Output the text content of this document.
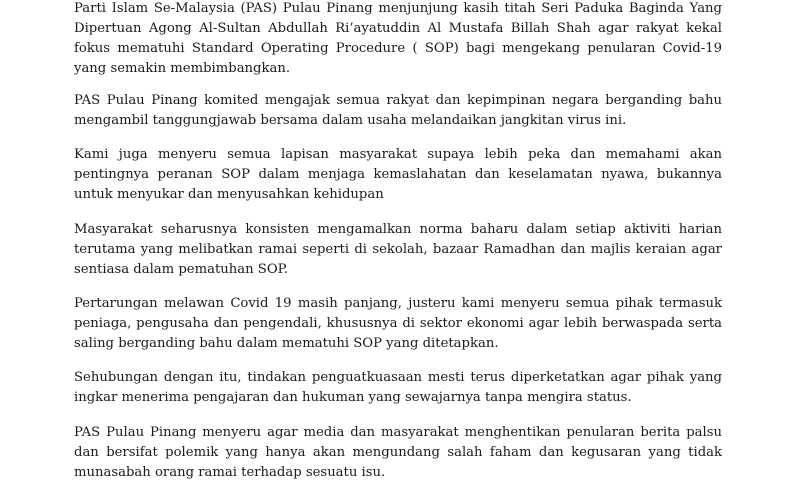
Parti Islam Se-Malaysia (PAS) Pulau Pinang menjunjung kasih titah Seri Paduka Baginda Yang
Dipertuan Agong Al-Sultan Abdullah Ri’ayatuddin Al Mustafa Billah Shah agar rakyat kekal
fokus mematuhi Standard Operating Procedure ( SOP) bagi mengekang penularan Covid-19
yang semakin membimbangkan.
PAS Pulau Pinang komited mengajak semua rakyat dan kepimpinan negara berganding bahu
mengambil tanggungjawab bersama dalam usaha melandaikan jangkitan virus ini.
Kami juga menyeru semua lapisan masyarakat supaya lebih peka dan memahami akan
pentingnya peranan SOP dalam menjaga kemaslahatan dan keselamatan nyawa, bukannya
untuk menyukar dan menyusahkan kehidupan
Masyarakat seharusnya konsisten mengamalkan norma baharu dalam setiap aktiviti harian
terutama yang melibatkan ramai seperti di sekolah, bazaar Ramadhan dan majlis keraian agar
sentiasa dalam pematuhan SOP.
Pertarungan melawan Covid 19 masih panjang, justeru kami menyeru semua pihak termasuk
peniaga, pengusaha dan pengendali, khususnya di sektor ekonomi agar lebih berwaspada serta
saling berganding bahu dalam mematuhi SOP yang ditetapkan.
Sehubungan dengan itu, tindakan penguatkuasaan mesti terus diperketatkan agar pihak yang
ingkar menerima pengajaran dan hukuman yang sewajarnya tanpa mengira status.
PAS Pulau Pinang menyeru agar media dan masyarakat menghentikan penularan berita palsu
dan bersifat polemik yang hanya akan mengundang salah faham dan kegusaran yang tidak
munasabah orang ramai terhadap sesuatu isu.
